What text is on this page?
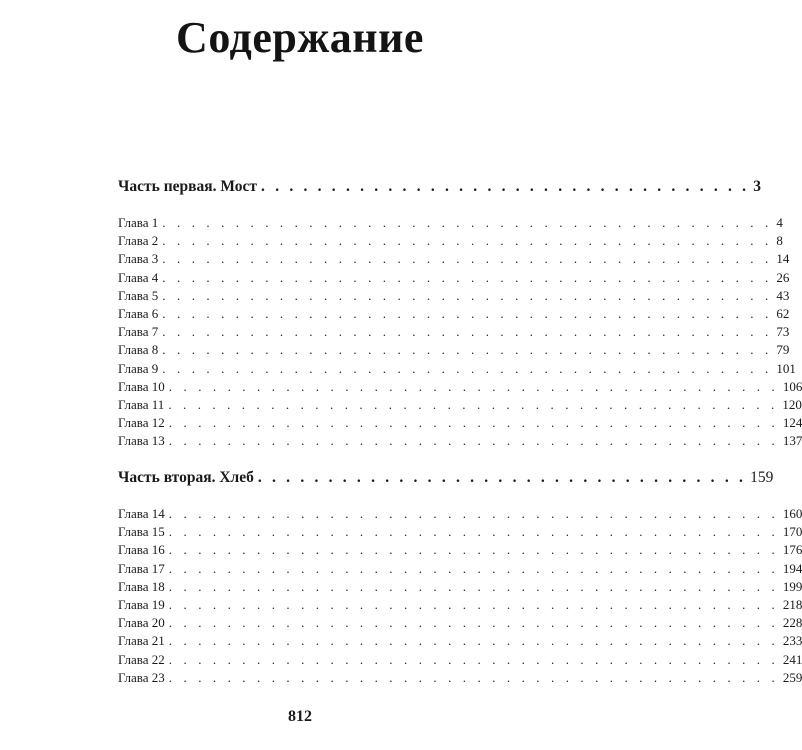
Содержание
Часть первая. Мост . . . . . . . . . . . . . . . . . . . . . . . . . . . . . . . . . . . 3
Глава 1 . . . . . . . . . . . . . . . . . . . . . . . . . . . . . . . . . . . . . . . . . . 4
Глава 2 . . . . . . . . . . . . . . . . . . . . . . . . . . . . . . . . . . . . . . . . . . 8
Глава 3 . . . . . . . . . . . . . . . . . . . . . . . . . . . . . . . . . . . . . . . . . . 14
Глава 4 . . . . . . . . . . . . . . . . . . . . . . . . . . . . . . . . . . . . . . . . . . 26
Глава 5 . . . . . . . . . . . . . . . . . . . . . . . . . . . . . . . . . . . . . . . . . . 43
Глава 6 . . . . . . . . . . . . . . . . . . . . . . . . . . . . . . . . . . . . . . . . . . 62
Глава 7 . . . . . . . . . . . . . . . . . . . . . . . . . . . . . . . . . . . . . . . . . . 73
Глава 8 . . . . . . . . . . . . . . . . . . . . . . . . . . . . . . . . . . . . . . . . . . 79
Глава 9 . . . . . . . . . . . . . . . . . . . . . . . . . . . . . . . . . . . . . . . . . . 101
Глава 10 . . . . . . . . . . . . . . . . . . . . . . . . . . . . . . . . . . . . . . . . . . 106
Глава 11 . . . . . . . . . . . . . . . . . . . . . . . . . . . . . . . . . . . . . . . . . . 120
Глава 12 . . . . . . . . . . . . . . . . . . . . . . . . . . . . . . . . . . . . . . . . . . 124
Глава 13 . . . . . . . . . . . . . . . . . . . . . . . . . . . . . . . . . . . . . . . . . . 137
Часть вторая. Хлеб . . . . . . . . . . . . . . . . . . . . . . . . . . . . . . . . . . . 159
Глава 14 . . . . . . . . . . . . . . . . . . . . . . . . . . . . . . . . . . . . . . . . . . 160
Глава 15 . . . . . . . . . . . . . . . . . . . . . . . . . . . . . . . . . . . . . . . . . . 170
Глава 16 . . . . . . . . . . . . . . . . . . . . . . . . . . . . . . . . . . . . . . . . . . 176
Глава 17 . . . . . . . . . . . . . . . . . . . . . . . . . . . . . . . . . . . . . . . . . . 194
Глава 18 . . . . . . . . . . . . . . . . . . . . . . . . . . . . . . . . . . . . . . . . . . 199
Глава 19 . . . . . . . . . . . . . . . . . . . . . . . . . . . . . . . . . . . . . . . . . . 218
Глава 20 . . . . . . . . . . . . . . . . . . . . . . . . . . . . . . . . . . . . . . . . . . 228
Глава 21 . . . . . . . . . . . . . . . . . . . . . . . . . . . . . . . . . . . . . . . . . . 233
Глава 22 . . . . . . . . . . . . . . . . . . . . . . . . . . . . . . . . . . . . . . . . . . 241
Глава 23 . . . . . . . . . . . . . . . . . . . . . . . . . . . . . . . . . . . . . . . . . . 259
812
